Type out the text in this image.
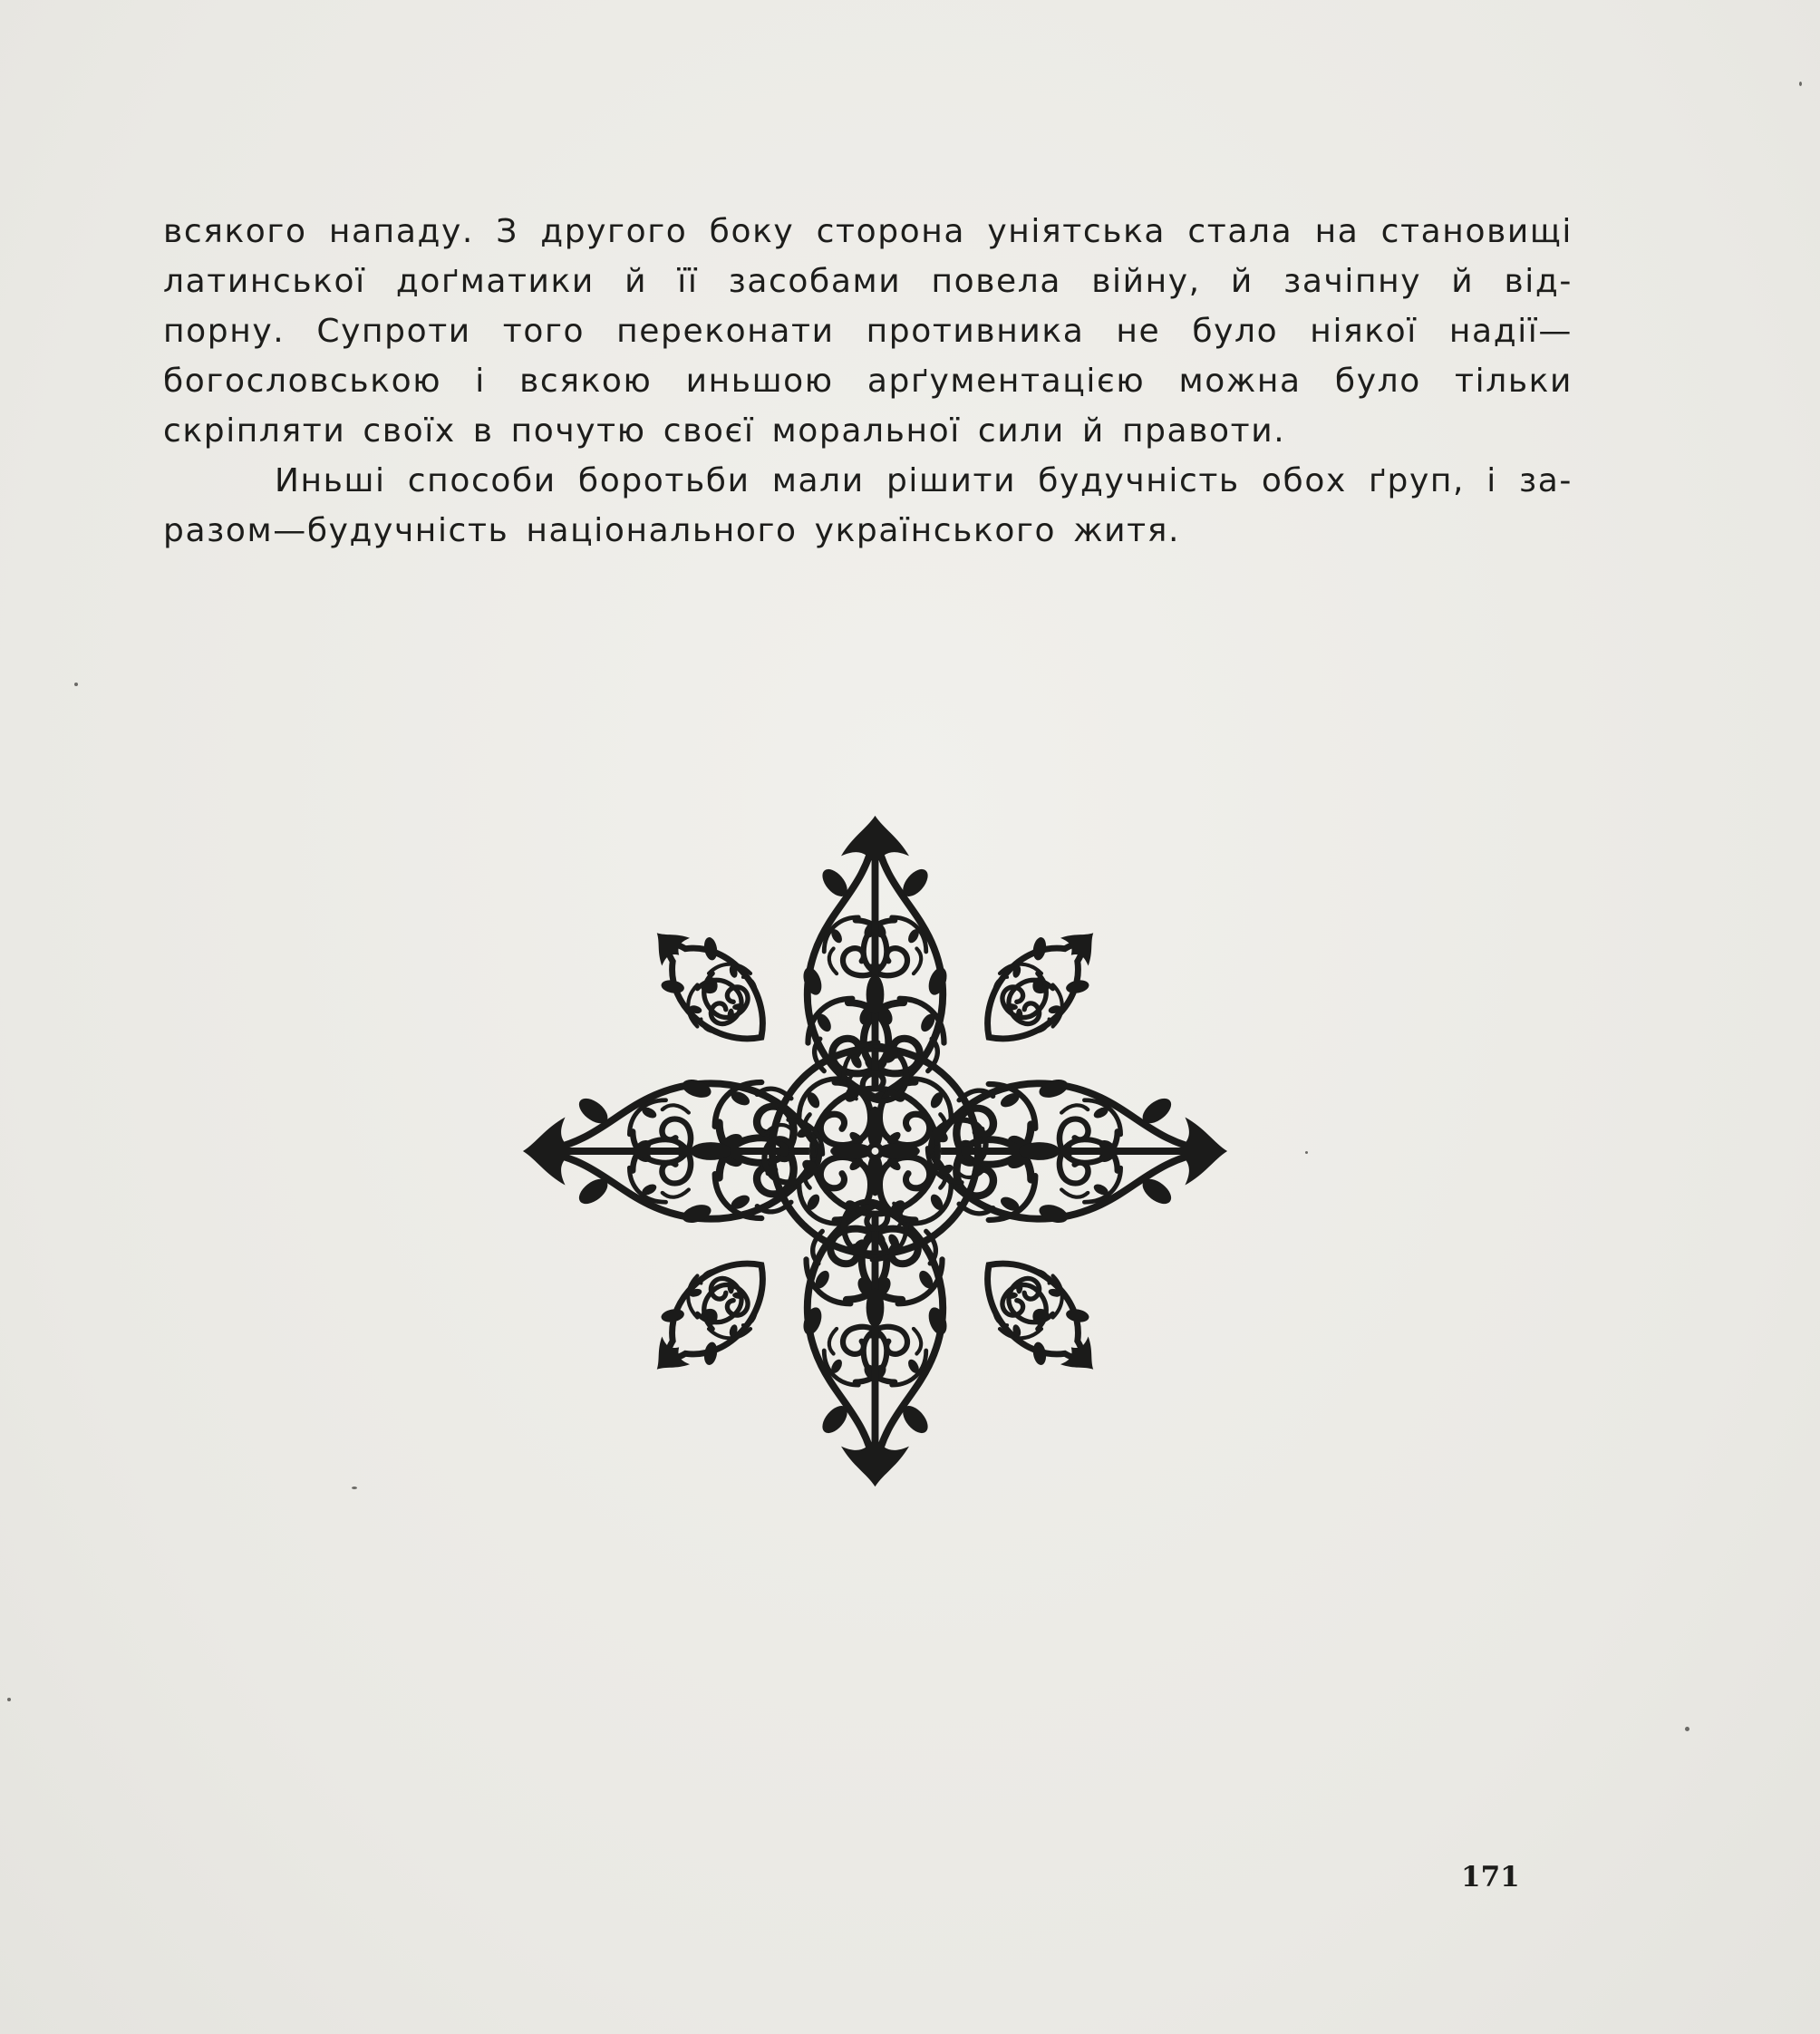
всякого нападу. З другого боку сторона уніятська стала на становищі
латинської доґматики й її засобами повела війну, й зачіпну й від-
порну. Супроти того переконати противника не було ніякої надії—
богословською і всякою иньшою арґументацією можна було тільки
скріпляти своїх в почутю своєї моральної сили й правоти.
Иньші способи боротьби мали рішити будучність обох ґруп, і за-
разом—будучність національного українського житя.
171
